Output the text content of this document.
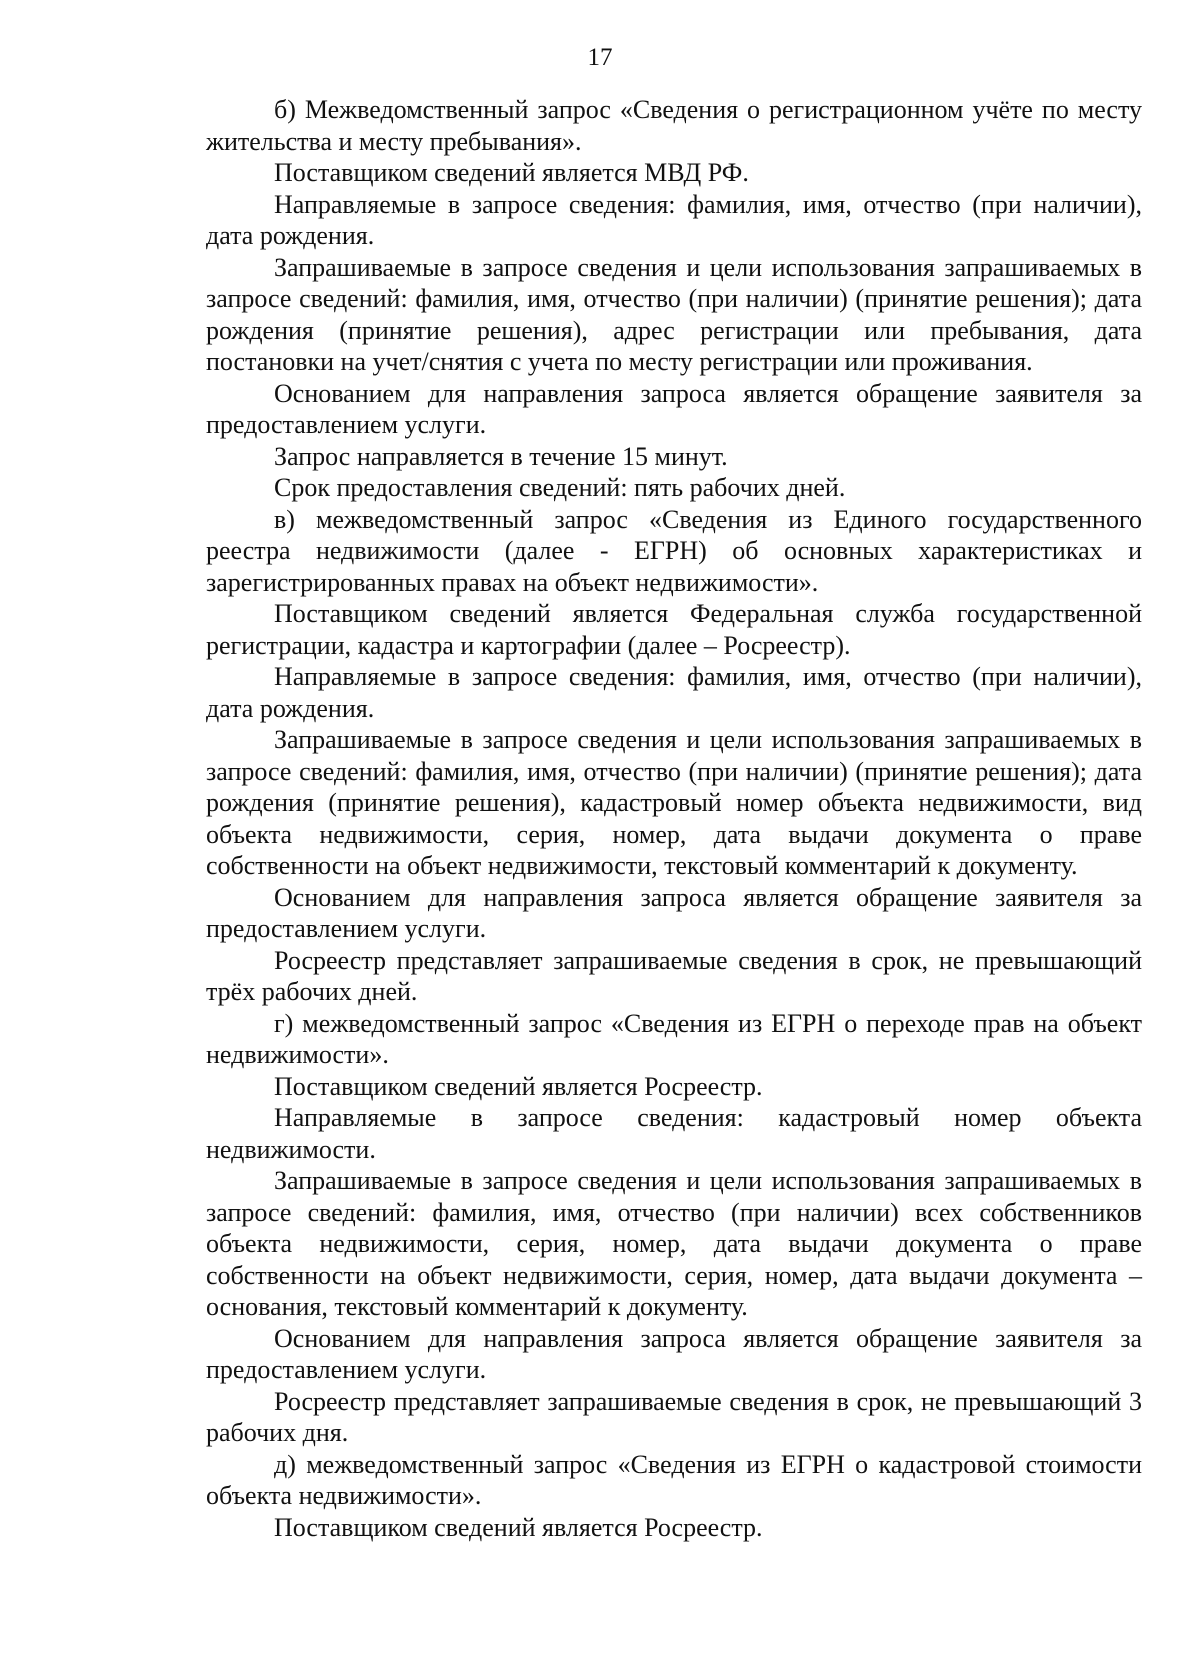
17

б) Межведомственный запрос «Сведения о регистрационном учёте по месту жительства и месту пребывания».

Поставщиком сведений является МВД РФ.

Направляемые в запросе сведения: фамилия, имя, отчество (при наличии), дата рождения.

Запрашиваемые в запросе сведения и цели использования запрашиваемых в запросе сведений: фамилия, имя, отчество (при наличии) (принятие решения); дата рождения (принятие решения), адрес регистрации или пребывания, дата постановки на учет/снятия с учета по месту регистрации или проживания.

Основанием для направления запроса является обращение заявителя за предоставлением услуги.

Запрос направляется в течение 15 минут.

Срок предоставления сведений: пять рабочих дней.

в) межведомственный запрос «Сведения из Единого государственного реестра недвижимости (далее - ЕГРН) об основных характеристиках и зарегистрированных правах на объект недвижимости».

Поставщиком сведений является Федеральная служба государственной регистрации, кадастра и картографии (далее – Росреестр).

Направляемые в запросе сведения: фамилия, имя, отчество (при наличии), дата рождения.

Запрашиваемые в запросе сведения и цели использования запрашиваемых в запросе сведений: фамилия, имя, отчество (при наличии) (принятие решения); дата рождения (принятие решения), кадастровый номер объекта недвижимости, вид объекта недвижимости, серия, номер, дата выдачи документа о праве собственности на объект недвижимости, текстовый комментарий к документу.

Основанием для направления запроса является обращение заявителя за предоставлением услуги.

Росреестр представляет запрашиваемые сведения в срок, не превышающий трёх рабочих дней.

г) межведомственный запрос «Сведения из ЕГРН о переходе прав на объект недвижимости».

Поставщиком сведений является Росреестр.

Направляемые в запросе сведения: кадастровый номер объекта недвижимости.

Запрашиваемые в запросе сведения и цели использования запрашиваемых в запросе сведений: фамилия, имя, отчество (при наличии) всех собственников объекта недвижимости, серия, номер, дата выдачи документа о праве собственности на объект недвижимости, серия, номер, дата выдачи документа – основания, текстовый комментарий к документу.

Основанием для направления запроса является обращение заявителя за предоставлением услуги.

Росреестр представляет запрашиваемые сведения в срок, не превышающий 3 рабочих дня.

д) межведомственный запрос «Сведения из ЕГРН о кадастровой стоимости объекта недвижимости».

Поставщиком сведений является Росреестр.
